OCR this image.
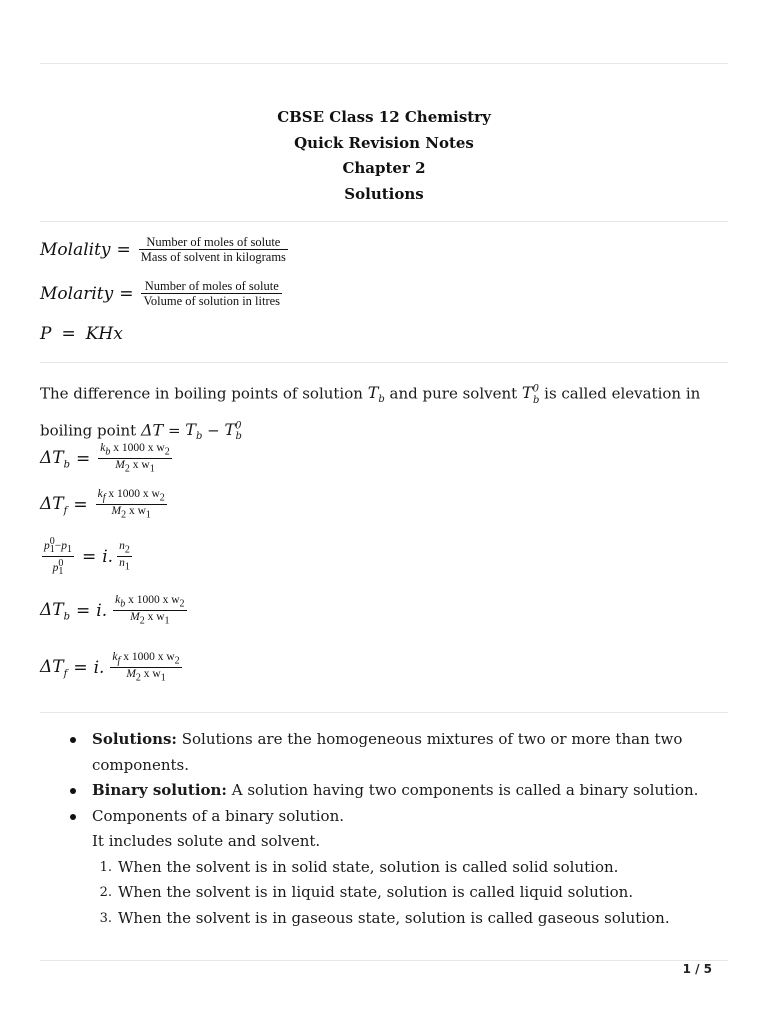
CBSE Class 12 Chemistry
Quick Revision Notes
Chapter 2
Solutions
Molality = $\frac{\text{Number of moles of solute}}{\text{Mass of solvent in kilograms}}$
Molarity = $\frac{\text{Number of moles of solute}}{\text{Volume of solution in litres}}$
P = KHx
The difference in boiling points of solution $T_b$ and pure solvent $T^0_b$ is called elevation in boiling point $\Delta T = T_b - T^0_b$
$\Delta T_b = \frac{k_b x 1000 x w_2}{M_2 x w_1}$
$\Delta T_f = \frac{k_f x 1000 x w_2}{M_2 x w_1}$
$\frac{p^0_1-p_1}{p^0_1} = i$. $\frac{n_2}{n_1}$
$\Delta T_b = i$. $\frac{k_b x 1000 x w_2}{M_2 x w_1}$
$\Delta T_f = i$. $\frac{k_f x 1000 x w_2}{M_2 x w_1}$
Solutions: Solutions are the homogeneous mixtures of two or more than two components.
Binary solution: A solution having two components is called a binary solution.
Components of a binary solution.
It includes solute and solvent.
1. When the solvent is in solid state, solution is called solid solution.
2. When the solvent is in liquid state, solution is called liquid solution.
3. When the solvent is in gaseous state, solution is called gaseous solution.
1 / 5
